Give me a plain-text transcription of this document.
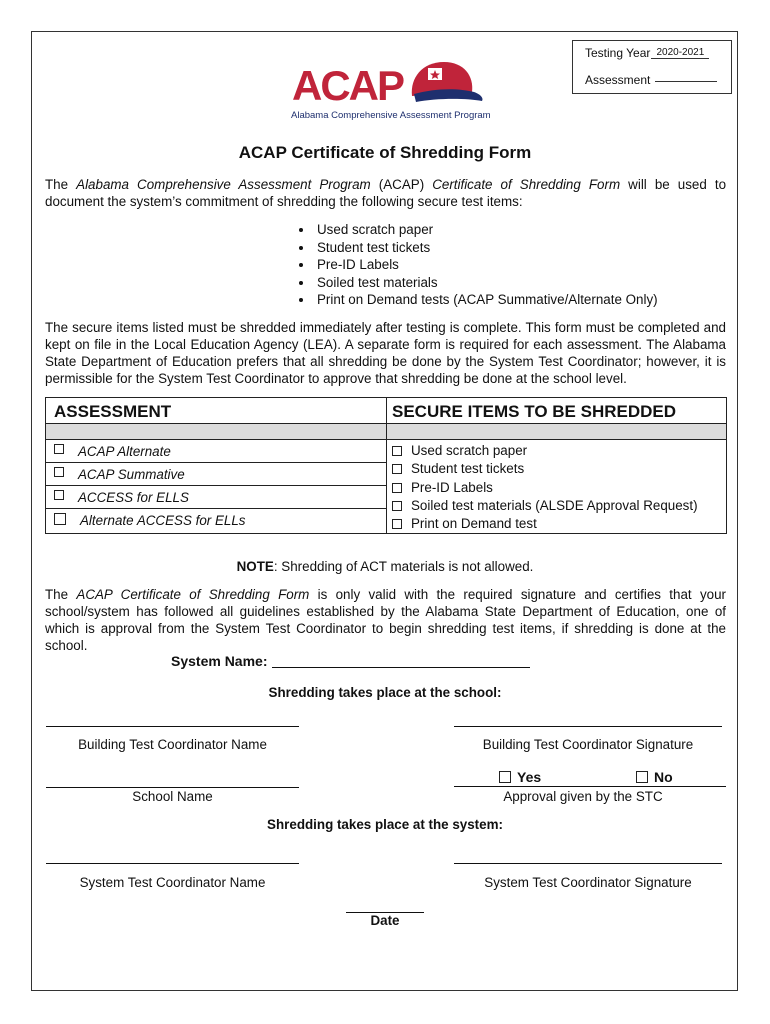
Testing Year 2020-2021
Assessment
ACAP
Alabama Comprehensive Assessment Program
ACAP Certificate of Shredding Form
The Alabama Comprehensive Assessment Program (ACAP) Certificate of Shredding Form will be used to document the system’s commitment of shredding the following secure test items:
Used scratch paper
Student test tickets
Pre-ID Labels
Soiled test materials
Print on Demand tests (ACAP Summative/Alternate Only)
The secure items listed must be shredded immediately after testing is complete. This form must be completed and kept on file in the Local Education Agency (LEA). A separate form is required for each assessment. The Alabama State Department of Education prefers that all shredding be done by the System Test Coordinator; however, it is permissible for the System Test Coordinator to approve that shredding be done at the school level.
ASSESSMENT	SECURE ITEMS TO BE SHREDDED
ACAP Alternate
ACAP Summative
ACCESS for ELLS
Alternate ACCESS for ELLs
Used scratch paper
Student test tickets
Pre-ID Labels
Soiled test materials (ALSDE Approval Request)
Print on Demand test
NOTE: Shredding of ACT materials is not allowed.
The ACAP Certificate of Shredding Form is only valid with the required signature and certifies that your school/system has followed all guidelines established by the Alabama State Department of Education, one of which is approval from the System Test Coordinator to begin shredding test items, if shredding is done at the school.
System Name:
Shredding takes place at the school:
Building Test Coordinator Name	Building Test Coordinator Signature
School Name
Yes	No
Approval given by the STC
Shredding takes place at the system:
System Test Coordinator Name	System Test Coordinator Signature
Date
